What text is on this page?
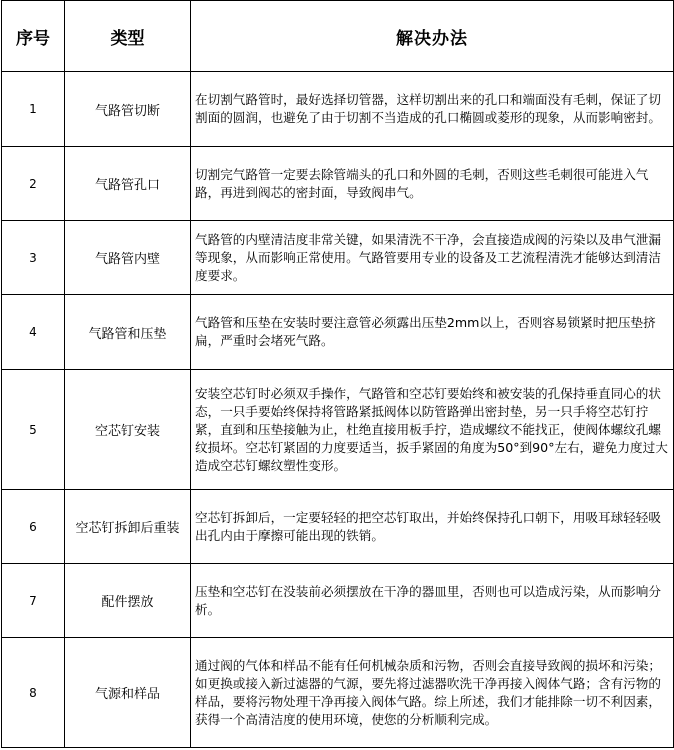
序号	类型	解决办法
1	气路管切断	在切割气路管时，最好选择切管器，这样切割出来的孔口和端面没有毛刺，保证了切割面的圆润，也避免了由于切割不当造成的孔口椭圆或菱形的现象，从而影响密封。
2	气路管孔口	切割完气路管一定要去除管端头的孔口和外圆的毛刺，否则这些毛刺很可能进入气路，再进到阀芯的密封面，导致阀串气。
3	气路管内壁	气路管的内壁清洁度非常关键，如果清洗不干净，会直接造成阀的污染以及串气泄漏等现象，从而影响正常使用。气路管要用专业的设备及工艺流程清洗才能够达到清洁度要求。
4	气路管和压垫	气路管和压垫在安装时要注意管必须露出压垫2mm以上，否则容易锁紧时把压垫挤扁，严重时会堵死气路。
5	空芯钉安装	安装空芯钉时必须双手操作，气路管和空芯钉要始终和被安装的孔保持垂直同心的状态，一只手要始终保持将管路紧抵阀体以防管路弹出密封垫，另一只手将空芯钉拧紧，直到和压垫接触为止，杜绝直接用板手拧，造成螺纹不能找正，使阀体螺纹孔螺纹损坏。空芯钉紧固的力度要适当，扳手紧固的角度为50°到90°左右，避免力度过大造成空芯钉螺纹塑性变形。
6	空芯钉拆卸后重装	空芯钉拆卸后，一定要轻轻的把空芯钉取出，并始终保持孔口朝下，用吸耳球轻轻吸出孔内由于摩擦可能出现的铁销。
7	配件摆放	压垫和空芯钉在没装前必须摆放在干净的器皿里，否则也可以造成污染，从而影响分析。
8	气源和样品	通过阀的气体和样品不能有任何机械杂质和污物，否则会直接导致阀的损坏和污染；如更换或接入新过滤器的气源，要先将过滤器吹洗干净再接入阀体气路；含有污物的样品，要将污物处理干净再接入阀体气路。综上所述，我们才能排除一切不利因素，获得一个高清洁度的使用环境，使您的分析顺利完成。
